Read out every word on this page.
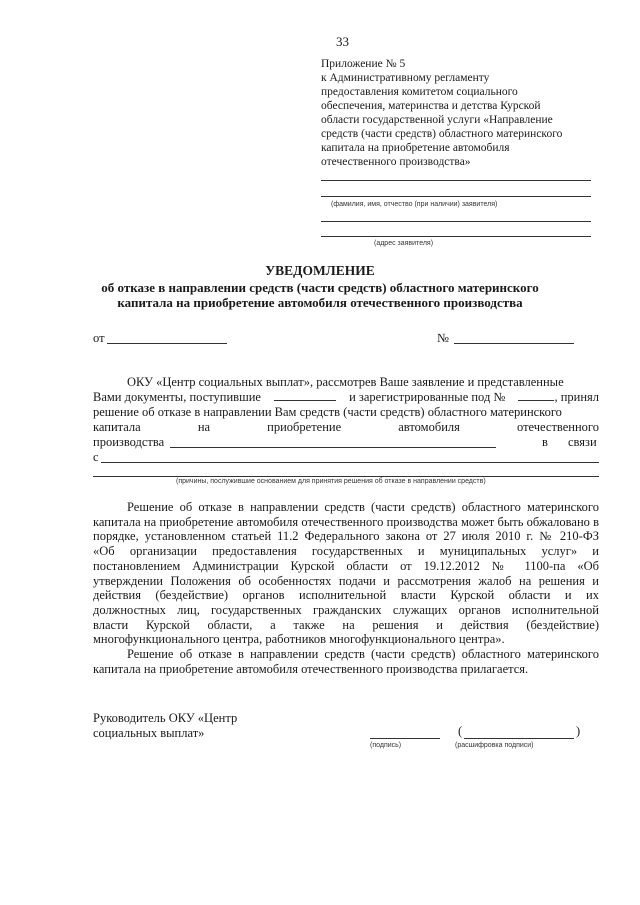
33
Приложение № 5
к Административному регламенту
предоставления комитетом социального
обеспечения, материнства и детства Курской
области государственной услуги «Направление
средств (части средств) областного материнского
капитала на приобретение автомобиля
отечественного производства»
(фамилия, имя, отчество (при наличии) заявителя)
(адрес заявителя)
УВЕДОМЛЕНИЕ
об отказе в направлении средств (части средств) областного материнского
капитала на приобретение автомобиля отечественного производства
от	№
ОКУ «Центр социальных выплат», рассмотрев Ваше заявление и представленные
Вами документы, поступившие	и зарегистрированные под №	, принял
решение об отказе в направлении Вам средств (части средств) областного материнского
капитала	на	приобретение	автомобиля	отечественного
производства	в связи
с
(причины, послужившие основанием для принятия решения об отказе в направлении средств)
Решение об отказе в направлении средств (части средств) областного материнского
капитала на приобретение автомобиля отечественного производства может быть обжаловано в
порядке, установленном статьей 11.2 Федерального закона от 27 июля 2010 г. № 210-ФЗ
«Об организации предоставления государственных и муниципальных услуг» и
постановлением Администрации Курской области от 19.12.2012 № 1100-па «Об
утверждении Положения об особенностях подачи и рассмотрения жалоб на решения и
действия (бездействие) органов исполнительной власти Курской области и их
должностных лиц, государственных гражданских служащих органов исполнительной
власти Курской области, а также на решения и действия (бездействие)
многофункционального центра, работников многофункционального центра».
Решение об отказе в направлении средств (части средств) областного материнского
капитала на приобретение автомобиля отечественного производства прилагается.
Руководитель ОКУ «Центр
социальных выплат»	(	)
(подпись)	(расшифровка подписи)
